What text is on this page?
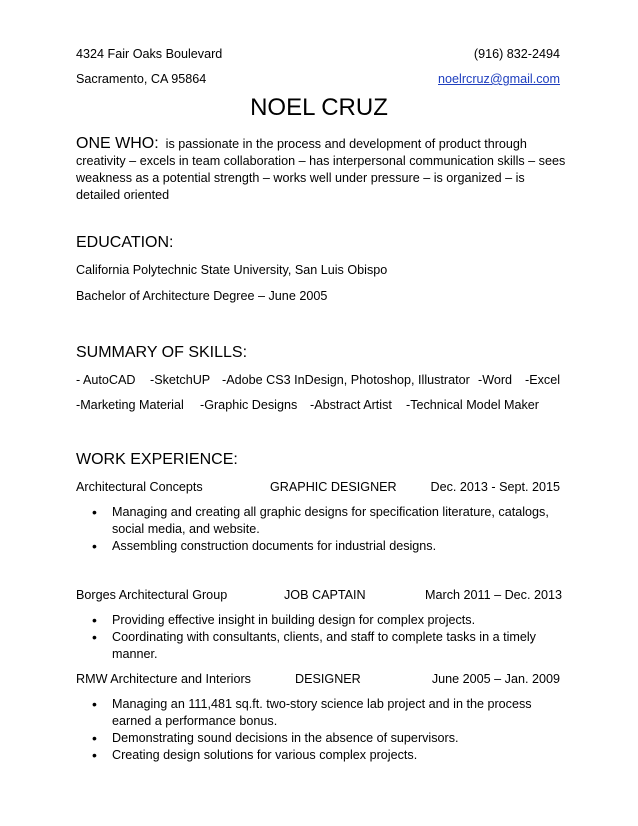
4324 Fair Oaks Boulevard	(916) 832-2494
Sacramento, CA 95864	noelrcruz@gmail.com
NOEL CRUZ
ONE WHO: is passionate in the process and development of product through creativity – excels in team collaboration – has interpersonal communication skills – sees weakness as a potential strength – works well under pressure – is organized – is detailed oriented
EDUCATION:
California Polytechnic State University, San Luis Obispo
Bachelor of Architecture Degree – June 2005
SUMMARY OF SKILLS:
- AutoCAD -SketchUP -Adobe CS3 InDesign, Photoshop, Illustrator -Word -Excel
-Marketing Material -Graphic Designs -Abstract Artist -Technical Model Maker
WORK EXPERIENCE:
Architectural Concepts	GRAPHIC DESIGNER	Dec. 2013 - Sept. 2015
• Managing and creating all graphic designs for specification literature, catalogs, social media, and website.
• Assembling construction documents for industrial designs.
Borges Architectural Group	JOB CAPTAIN	March 2011 – Dec. 2013
• Providing effective insight in building design for complex projects.
• Coordinating with consultants, clients, and staff to complete tasks in a timely manner.
RMW Architecture and Interiors	DESIGNER	June 2005 – Jan. 2009
• Managing an 111,481 sq.ft. two-story science lab project and in the process earned a performance bonus.
• Demonstrating sound decisions in the absence of supervisors.
• Creating design solutions for various complex projects.
